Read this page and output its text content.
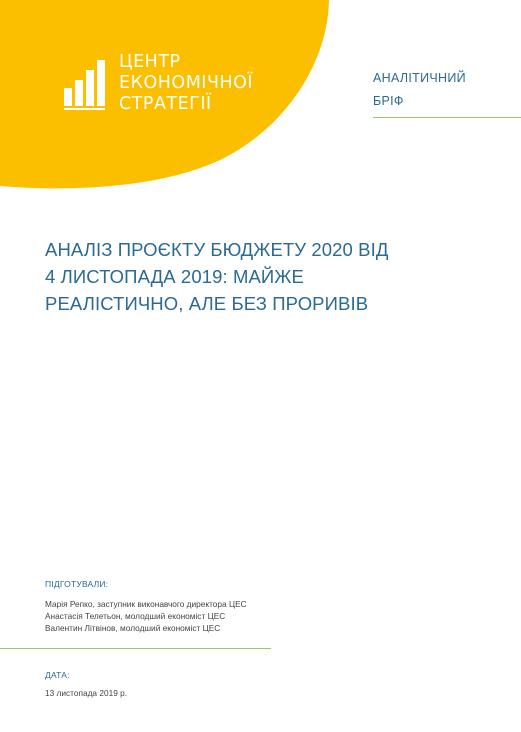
ЦЕНТР
ЕКОНОМІЧНОЇ
СТРАТЕГІЇ
АНАЛІТИЧНИЙ
БРІФ
АНАЛІЗ ПРОЄКТУ БЮДЖЕТУ 2020 ВІД
4 ЛИСТОПАДА 2019: МАЙЖЕ
РЕАЛІСТИЧНО, АЛЕ БЕЗ ПРОРИВІВ
ПІДГОТУВАЛИ:
Марія Репко, заступник виконавчого директора ЦЕС
Анастасія Телетьон, молодший економіст ЦЕС
Валентин Літвінов, молодший економіст ЦЕС
ДАТА:
13 листопада 2019 р.
